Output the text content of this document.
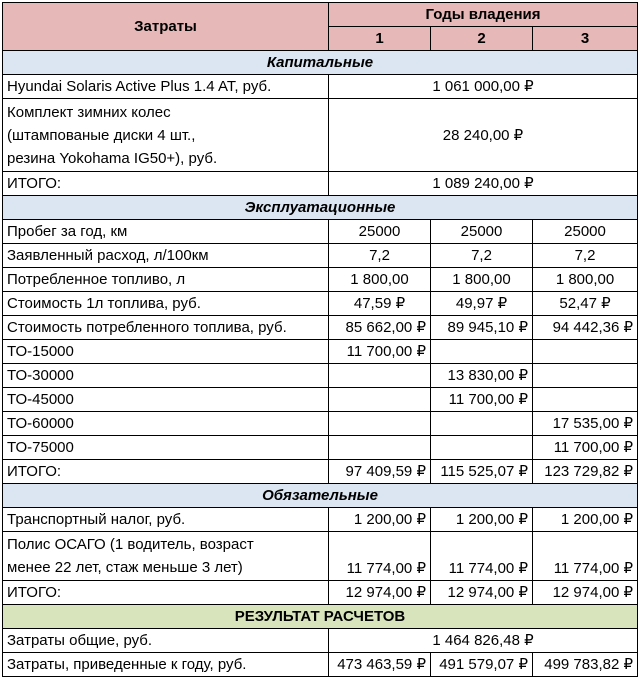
Затраты	Годы владения		
	1	2	3
Капитальные			
Hyundai Solaris Active Plus 1.4 AT, руб.	1 061 000,00 ₽		

Комплект зимних колес
(штампованые диски 4 шт.,
резина Yokohama IG50+), руб.	28 240,00 ₽		
ИТОГО:	1 089 240,00 ₽		
Эксплуатационные			
Пробег за год, км	25000	25000	25000
Заявленный расход, л/100км	7,2	7,2	7,2
Потребленное топливо, л	1 800,00	1 800,00	1 800,00
Стоимость 1л топлива, руб.	47,59 ₽	49,97 ₽	52,47 ₽
Стоимость потребленного топлива, руб.	85 662,00 ₽	89 945,10 ₽	94 442,36 ₽
ТО-15000	11 700,00 ₽		
ТО-30000		13 830,00 ₽	
ТО-45000		11 700,00 ₽	
ТО-60000			17 535,00 ₽
ТО-75000			11 700,00 ₽
ИТОГО:	97 409,59 ₽	115 525,07 ₽	123 729,82 ₽
Обязательные			
Транспортный налог, руб.	1 200,00 ₽	1 200,00 ₽	1 200,00 ₽

Полис ОСАГО (1 водитель, возраст
менее 22 лет, стаж меньше 3 лет)	11 774,00 ₽	11 774,00 ₽	11 774,00 ₽
ИТОГО:	12 974,00 ₽	12 974,00 ₽	12 974,00 ₽
РЕЗУЛЬТАТ РАСЧЕТОВ			
Затраты общие, руб.	1 464 826,48 ₽		
Затраты, приведенные к году, руб.	473 463,59 ₽	491 579,07 ₽	499 783,82 ₽
